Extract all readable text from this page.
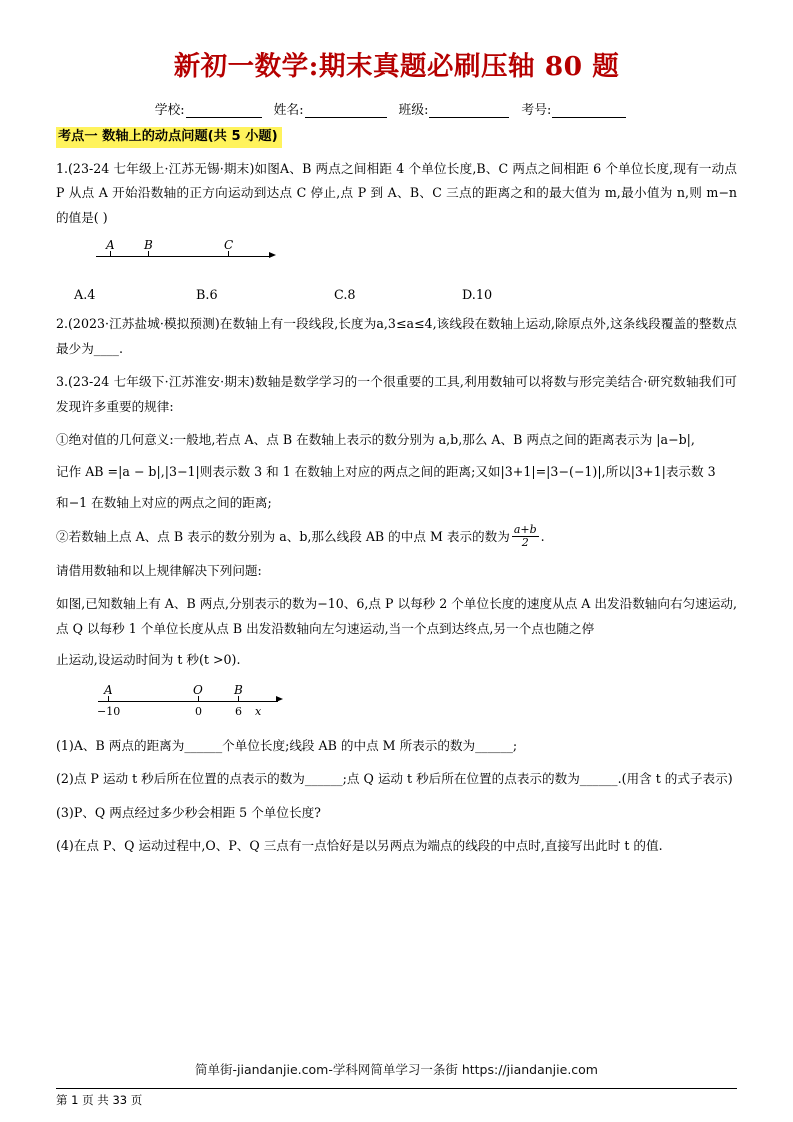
新初一数学:期末真题必刷压轴 80 题
学校:	姓名:	班级:	考号:
考点一 数轴上的动点问题(共 5 小题)

1.(23-24 七年级上·江苏无锡·期末)如图A、B 两点之间相距 4 个单位长度,B、C 两点之间相距 6 个单位长度,现有一动点 P 从点 A 开始沿数轴的正方向运动到达点 C 停止,点 P 到 A、B、C 三点的距离之和的最大值为 m,最小值为 n,则 m−n 的值是( )

A B	C
A.4	B.6	C.8	D.10

2.(2023·江苏盐城·模拟预测)在数轴上有一段线段,长度为a,3≤a≤4,该线段在数轴上运动,除原点外,这条线段覆盖的整数点最少为____.

3.(23-24 七年级下·江苏淮安·期末)数轴是数学学习的一个很重要的工具,利用数轴可以将数与形完美结合·研究数轴我们可发现许多重要的规律:

①绝对值的几何意义:一般地,若点 A、点 B 在数轴上表示的数分别为 a,b,那么 A、B 两点之间的距离表示为 |a−b|,

记作 AB =|a − b|,|3−1|则表示数 3 和 1 在数轴上对应的两点之间的距离;又如|3+1|=|3−(−1)|,所以|3+1|表示数 3

和−1 在数轴上对应的两点之间的距离;

②若数轴上点 A、点 B 表示的数分别为 a、b,那么线段 AB 的中点 M 表示的数为 $\frac{a+b}{2}$ .

请借用数轴和以上规律解决下列问题:

如图,已知数轴上有 A、B 两点,分别表示的数为−10、6,点 P 以每秒 2 个单位长度的速度从点 A 出发沿数轴向右匀速运动,点 Q 以每秒 1 个单位长度从点 B 出发沿数轴向左匀速运动,当一个点到达终点,另一个点也随之停

止运动,设运动时间为 t 秒(t >0).

A	O	B
−10	0	6 x

(1)A、B 两点的距离为______个单位长度;线段 AB 的中点 M 所表示的数为______;

(2)点 P 运动 t 秒后所在位置的点表示的数为______;点 Q 运动 t 秒后所在位置的点表示的数为______.(用含 t 的式子表示)

(3)P、Q 两点经过多少秒会相距 5 个单位长度?

(4)在点 P、Q 运动过程中,O、P、Q 三点有一点恰好是以另两点为端点的线段的中点时,直接写出此时 t 的值.

简单街-jiandanjie.com-学科网简单学习一条街 https://jiandanjie.com
第 1 页 共 33 页
